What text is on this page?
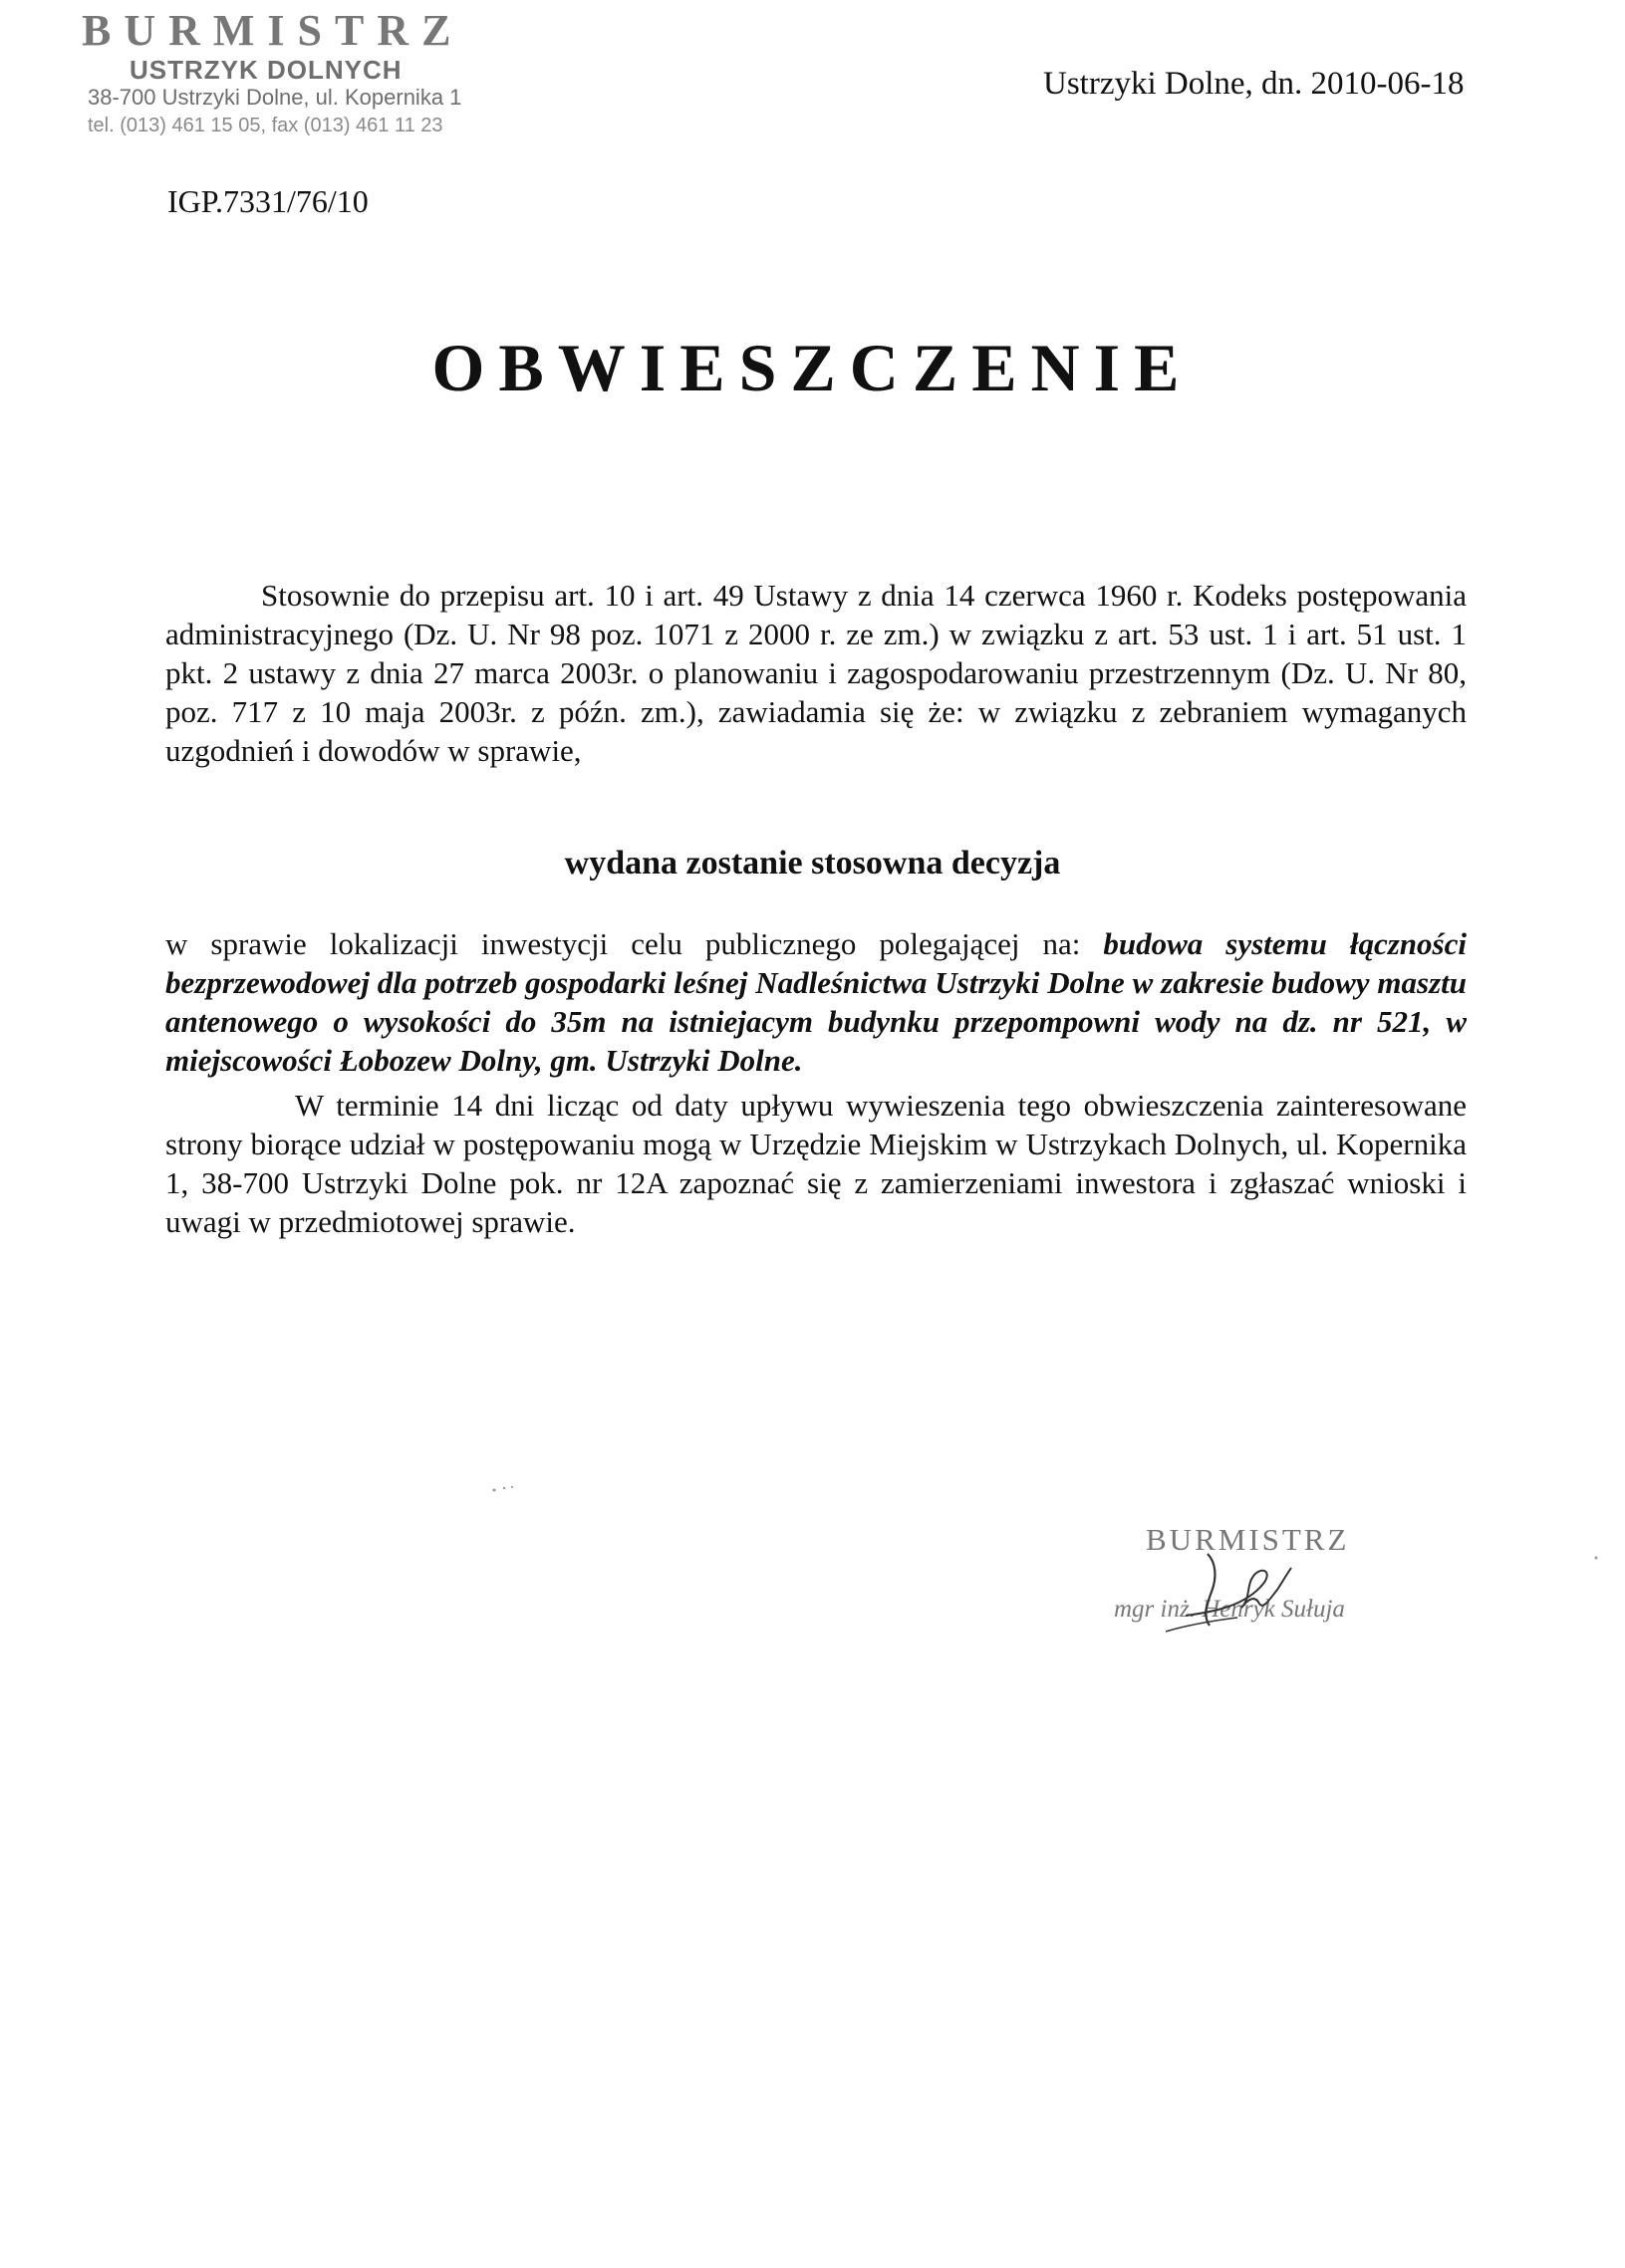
BURMISTRZ
USTRZYK DOLNYCH
38-700 Ustrzyki Dolne, ul. Kopernika 1
tel. (013) 461 15 05, fax (013) 461 11 23
Ustrzyki Dolne, dn. 2010-06-18
IGP.7331/76/10
OBWIESZCZENIE
Stosownie do przepisu art. 10 i art. 49 Ustawy z dnia 14 czerwca 1960 r. Kodeks postępowania administracyjnego (Dz. U. Nr 98 poz. 1071 z 2000 r. ze zm.) w związku z art. 53 ust. 1 i art. 51 ust. 1 pkt. 2 ustawy z dnia 27 marca 2003r. o planowaniu i zagospodarowaniu przestrzennym (Dz. U. Nr 80, poz. 717 z 10 maja 2003r. z późn. zm.), zawiadamia się że: w związku z zebraniem wymaganych uzgodnień i dowodów w sprawie,
wydana zostanie stosowna decyzja
w sprawie lokalizacji inwestycji celu publicznego polegającej na: budowa systemu łączności bezprzewodowej dla potrzeb gospodarki leśnej Nadleśnictwa Ustrzyki Dolne w zakresie budowy masztu antenowego o wysokości do 35m na istniejacym budynku przepompowni wody na dz. nr 521, w miejscowości Łobozew Dolny, gm. Ustrzyki Dolne.
W terminie 14 dni licząc od daty upływu wywieszenia tego obwieszczenia zainteresowane strony biorące udział w postępowaniu mogą w Urzędzie Miejskim w Ustrzykach Dolnych, ul. Kopernika 1, 38-700 Ustrzyki Dolne pok. nr 12A zapoznać się z zamierzeniami inwestora i zgłaszać wnioski i uwagi w przedmiotowej sprawie.
BURMISTRZ
mgr inż. Henryk Sułuja
